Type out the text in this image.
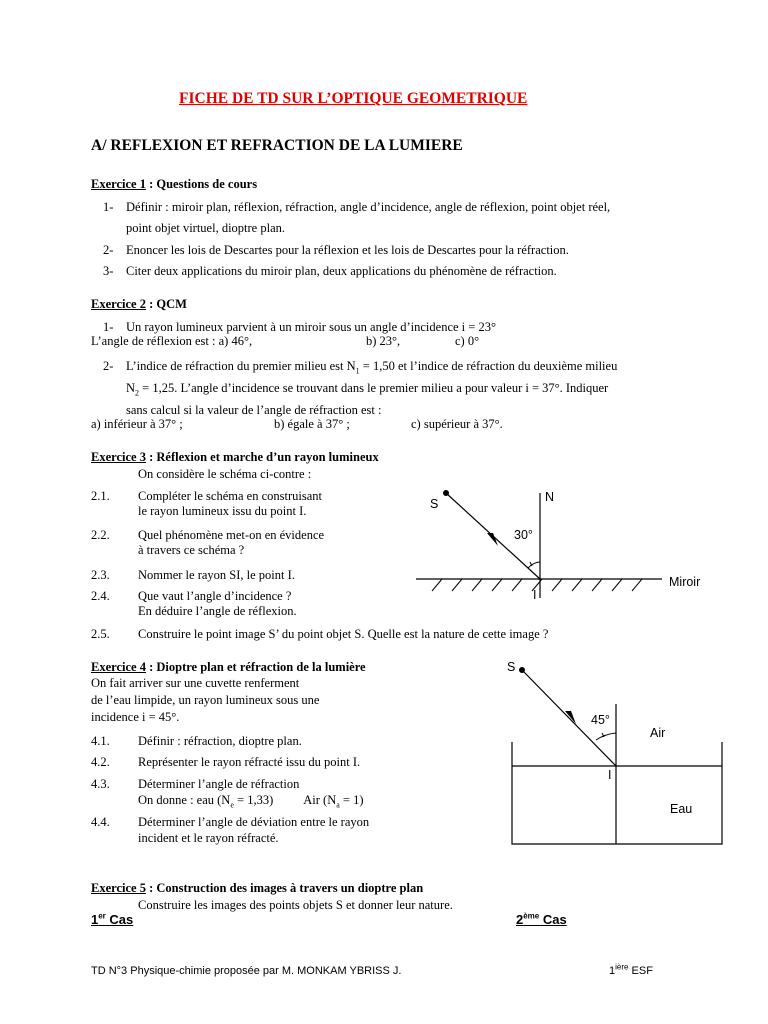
FICHE DE TD SUR L’OPTIQUE GEOMETRIQUE
A/ REFLEXION ET REFRACTION DE LA LUMIERE
Exercice 1 : Questions de cours
1- Définir : miroir plan, réflexion, réfraction, angle d’incidence, angle de réflexion, point objet réel,
point objet virtuel, dioptre plan.
2- Enoncer les lois de Descartes pour la réflexion et les lois de Descartes pour la réfraction.
3- Citer deux applications du miroir plan, deux applications du phénomène de réfraction.
Exercice 2 : QCM
1- Un rayon lumineux parvient à un miroir sous un angle d’incidence i = 23°
L’angle de réflexion est : a) 46°,	b) 23°,	c) 0°
2- L’indice de réfraction du premier milieu est $N_1 = 1,50$ et l’indice de réfraction du deuxième milieu
$N_2 = 1,25$. L’angle d’incidence se trouvant dans le premier milieu a pour valeur i = 37°. Indiquer
sans calcul si la valeur de l’angle de réfraction est :
a) inférieur à 37° ;	b) égale à 37° ;	c) supérieur à 37°.
Exercice 3 : Réflexion et marche d’un rayon lumineux
On considère le schéma ci-contre :
2.1. Compléter le schéma en construisant
le rayon lumineux issu du point I.
2.2. Quel phénomène met-on en évidence
à travers ce schéma ?
2.3. Nommer le rayon SI, le point I.
2.4. Que vaut l’angle d’incidence ?
En déduire l’angle de réflexion.
2.5. Construire le point image S’ du point objet S. Quelle est la nature de cette image ?
S	N
30°
I
Miroir
Exercice 4 : Dioptre plan et réfraction de la lumière
On fait arriver sur une cuvette renferment
de l’eau limpide, un rayon lumineux sous une
incidence i = 45°.
4.1. Définir : réfraction, dioptre plan.
4.2. Représenter le rayon réfracté issu du point I.
4.3. Déterminer l’angle de réfraction
On donne : eau $(N_e = 1,33)$ Air $(N_a = 1)$
4.4. Déterminer l’angle de déviation entre le rayon
incident et le rayon réfracté.
S
45°
Air
I
Eau
Exercice 5 : Construction des images à travers un dioptre plan
Construire les images des points objets S et donner leur nature.
1er Cas	2ème Cas
TD N°3 Physique-chimie proposée par M. MONKAM YBRISS J.	$1^{ière}$ ESF
